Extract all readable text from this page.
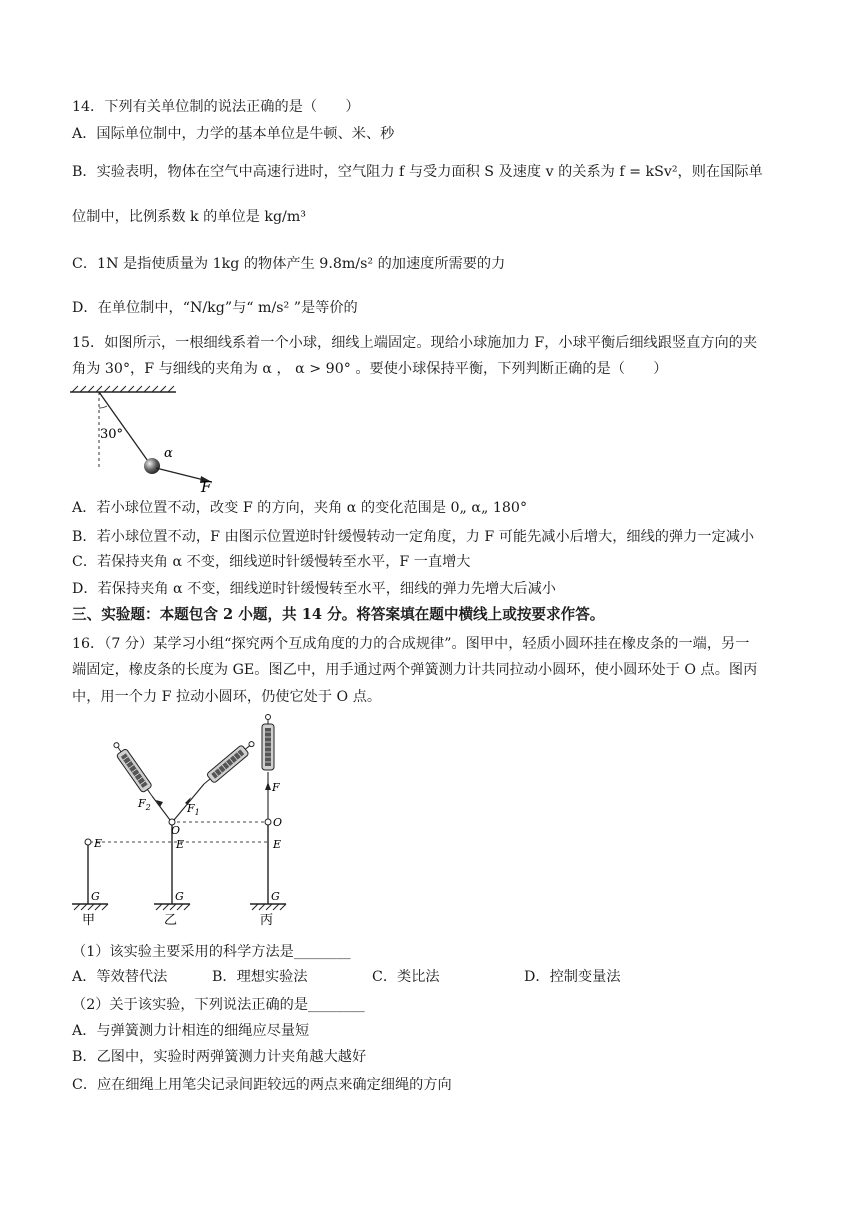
14．下列有关单位制的说法正确的是（　　）
A．国际单位制中，力学的基本单位是牛顿、米、秒
B．实验表明，物体在空气中高速行进时，空气阻力 f 与受力面积 S 及速度 v 的关系为 f = kSv²，则在国际单
位制中，比例系数 k 的单位是 kg/m³
C．1N 是指使质量为 1kg 的物体产生 9.8m/s² 的加速度所需要的力
D．在单位制中，“N/kg”与“ m/s² ”是等价的
15．如图所示，一根细线系着一个小球，细线上端固定。现给小球施加力 F，小球平衡后细线跟竖直方向的夹
角为 30°，F 与细线的夹角为 α ， α > 90° 。要使小球保持平衡，下列判断正确的是（　　）
30°
α
F
A．若小球位置不动，改变 F 的方向，夹角 α 的变化范围是 0„ α„ 180°
B．若小球位置不动，F 由图示位置逆时针缓慢转动一定角度，力 F 可能先减小后增大，细线的弹力一定减小
C．若保持夹角 α 不变，细线逆时针缓慢转至水平，F 一直增大
D．若保持夹角 α 不变，细线逆时针缓慢转至水平，细线的弹力先增大后减小
三、实验题：本题包含 2 小题，共 14 分。将答案填在题中横线上或按要求作答。
16．（7 分）某学习小组“探究两个互成角度的力的合成规律”。图甲中，轻质小圆环挂在橡皮条的一端，另一
端固定，橡皮条的长度为 GE。图乙中，用手通过两个弹簧测力计共同拉动小圆环，使小圆环处于 O 点。图丙
中，用一个力 F 拉动小圆环，仍使它处于 O 点。
E
G
甲
O
E
G
乙
$F_2$	$F_1$
O
E
G
丙
F
（1）该实验主要采用的科学方法是________
A．等效替代法	B．理想实验法	C．类比法	D．控制变量法
（2）关于该实验，下列说法正确的是________
A．与弹簧测力计相连的细绳应尽量短
B．乙图中，实验时两弹簧测力计夹角越大越好
C．应在细绳上用笔尖记录间距较远的两点来确定细绳的方向
